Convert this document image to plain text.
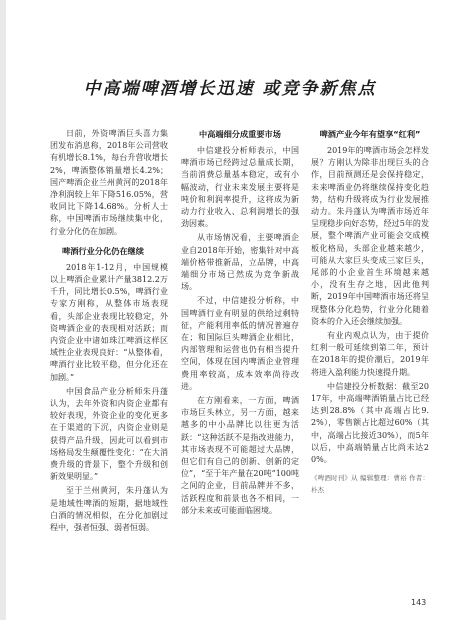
中高端啤酒增长迅速 或竞争新焦点

日前，外资啤酒巨头喜力集团发布消息称，2018年公司营收有机增长8.1%，每台升营收增长2%，啤酒整体销量增长4.2%；国产啤酒企业兰州黄河的2018年净利润较上年下降516.05%，营收同比下降14.68%。分析人士称，中国啤酒市场继续集中化，行业分化仍在加剧。

啤酒行业分化仍在继续

2018年1-12月，中国规模以上啤酒企业累计产量3812.2万千升，同比增长0.5%，啤酒行业专家方刚称，从整体市场表现看，头部企业表现比较稳定，外资啤酒企业的表现相对活跃；而内资企业中诸如珠江啤酒这样区域性企业表现良好：“从整体看，啤酒行业比较平稳，但分化还在加剧。”

中国食品产业分析师朱丹蓬认为，去年外资和内资企业都有较好表现，外资企业的变化更多在于渠道的下沉，内资企业则是获得产品升级，因此可以看到市场格局发生颠覆性变化：“在大消费升级的背景下，整个升级和创新效果明显。”

至于兰州黄河，朱丹蓬认为是地域性啤酒的短期，据地域性白酒的情况相似，在分化加剧过程中，强者恒强、弱者恒弱。

中高端细分成重要市场

中信建投分析师表示，中国啤酒市场已经跨过总量成长期，当前消费总量基本稳定，或有小幅波动，行业未来发展主要将是吨价和利润率提升，这将成为新动力行业收入、总利润增长的强劲因素。

从市场情况看，主要啤酒企业自2018年开始，密集针对中高端价格带推新品，立品牌，中高端细分市场已然成为竞争新战场。

不过，中信建投分析称，中国啤酒行业有明显的供给过剩特征，产能利用率低的情况普遍存在；和国际巨头啤酒企业相比，内部管理和运营也仍有相当提升空间，体现在国内啤酒企业管理费用率较高，成本效率尚待改进。

在方刚看来，一方面，啤酒市场巨头林立，另一方面，越来越多的中小品牌比以往更为活跃：“这种活跃不是指改进能力，其市场表现不可能超过大品牌，但它们有自己的创新、创新的定位”，“至于年产量在20吨”100吨之间的企业，目前品牌并不多，活跃程度和前景也各不相同，一部分未来或可能面临困境。

啤酒产业今年有望享“红利”

2019年的啤酒市场会怎样发展？方刚认为除非出现巨头的合作，目前预测还是会保持稳定，未来啤酒业仍将继续保持变化趋势，结构升级将成为行业发展推动力。朱丹蓬认为啤酒市场近年呈现稳步向好态势，经过5年的发展，整个啤酒产业可能会交成模板化格局，头部企业越来越少，可能从大家巨头变成三家巨头，尾部的小企业首生环境越来越小，没有生存之地，因此他判断，2019年中国啤酒市场还将呈现整体分化趋势，行业分化随着资本的介入还会继续加强。

有业内观点认为，由于提价红利一般可延续到第二年，预计在2018年的提价潮后，2019年将进入盈利能力快速提升期。

中信建投分析数据：截至2017年，中高端啤酒销量占比已经达到28.8%（其中高端占比9.2%），零售额占比超过60%（其中，高端占比接近30%），而5年以后，中高端销量占比尚未达20%。

《啤酒时刊》从 编辑整理：曹裕 作者：朴杰

143
